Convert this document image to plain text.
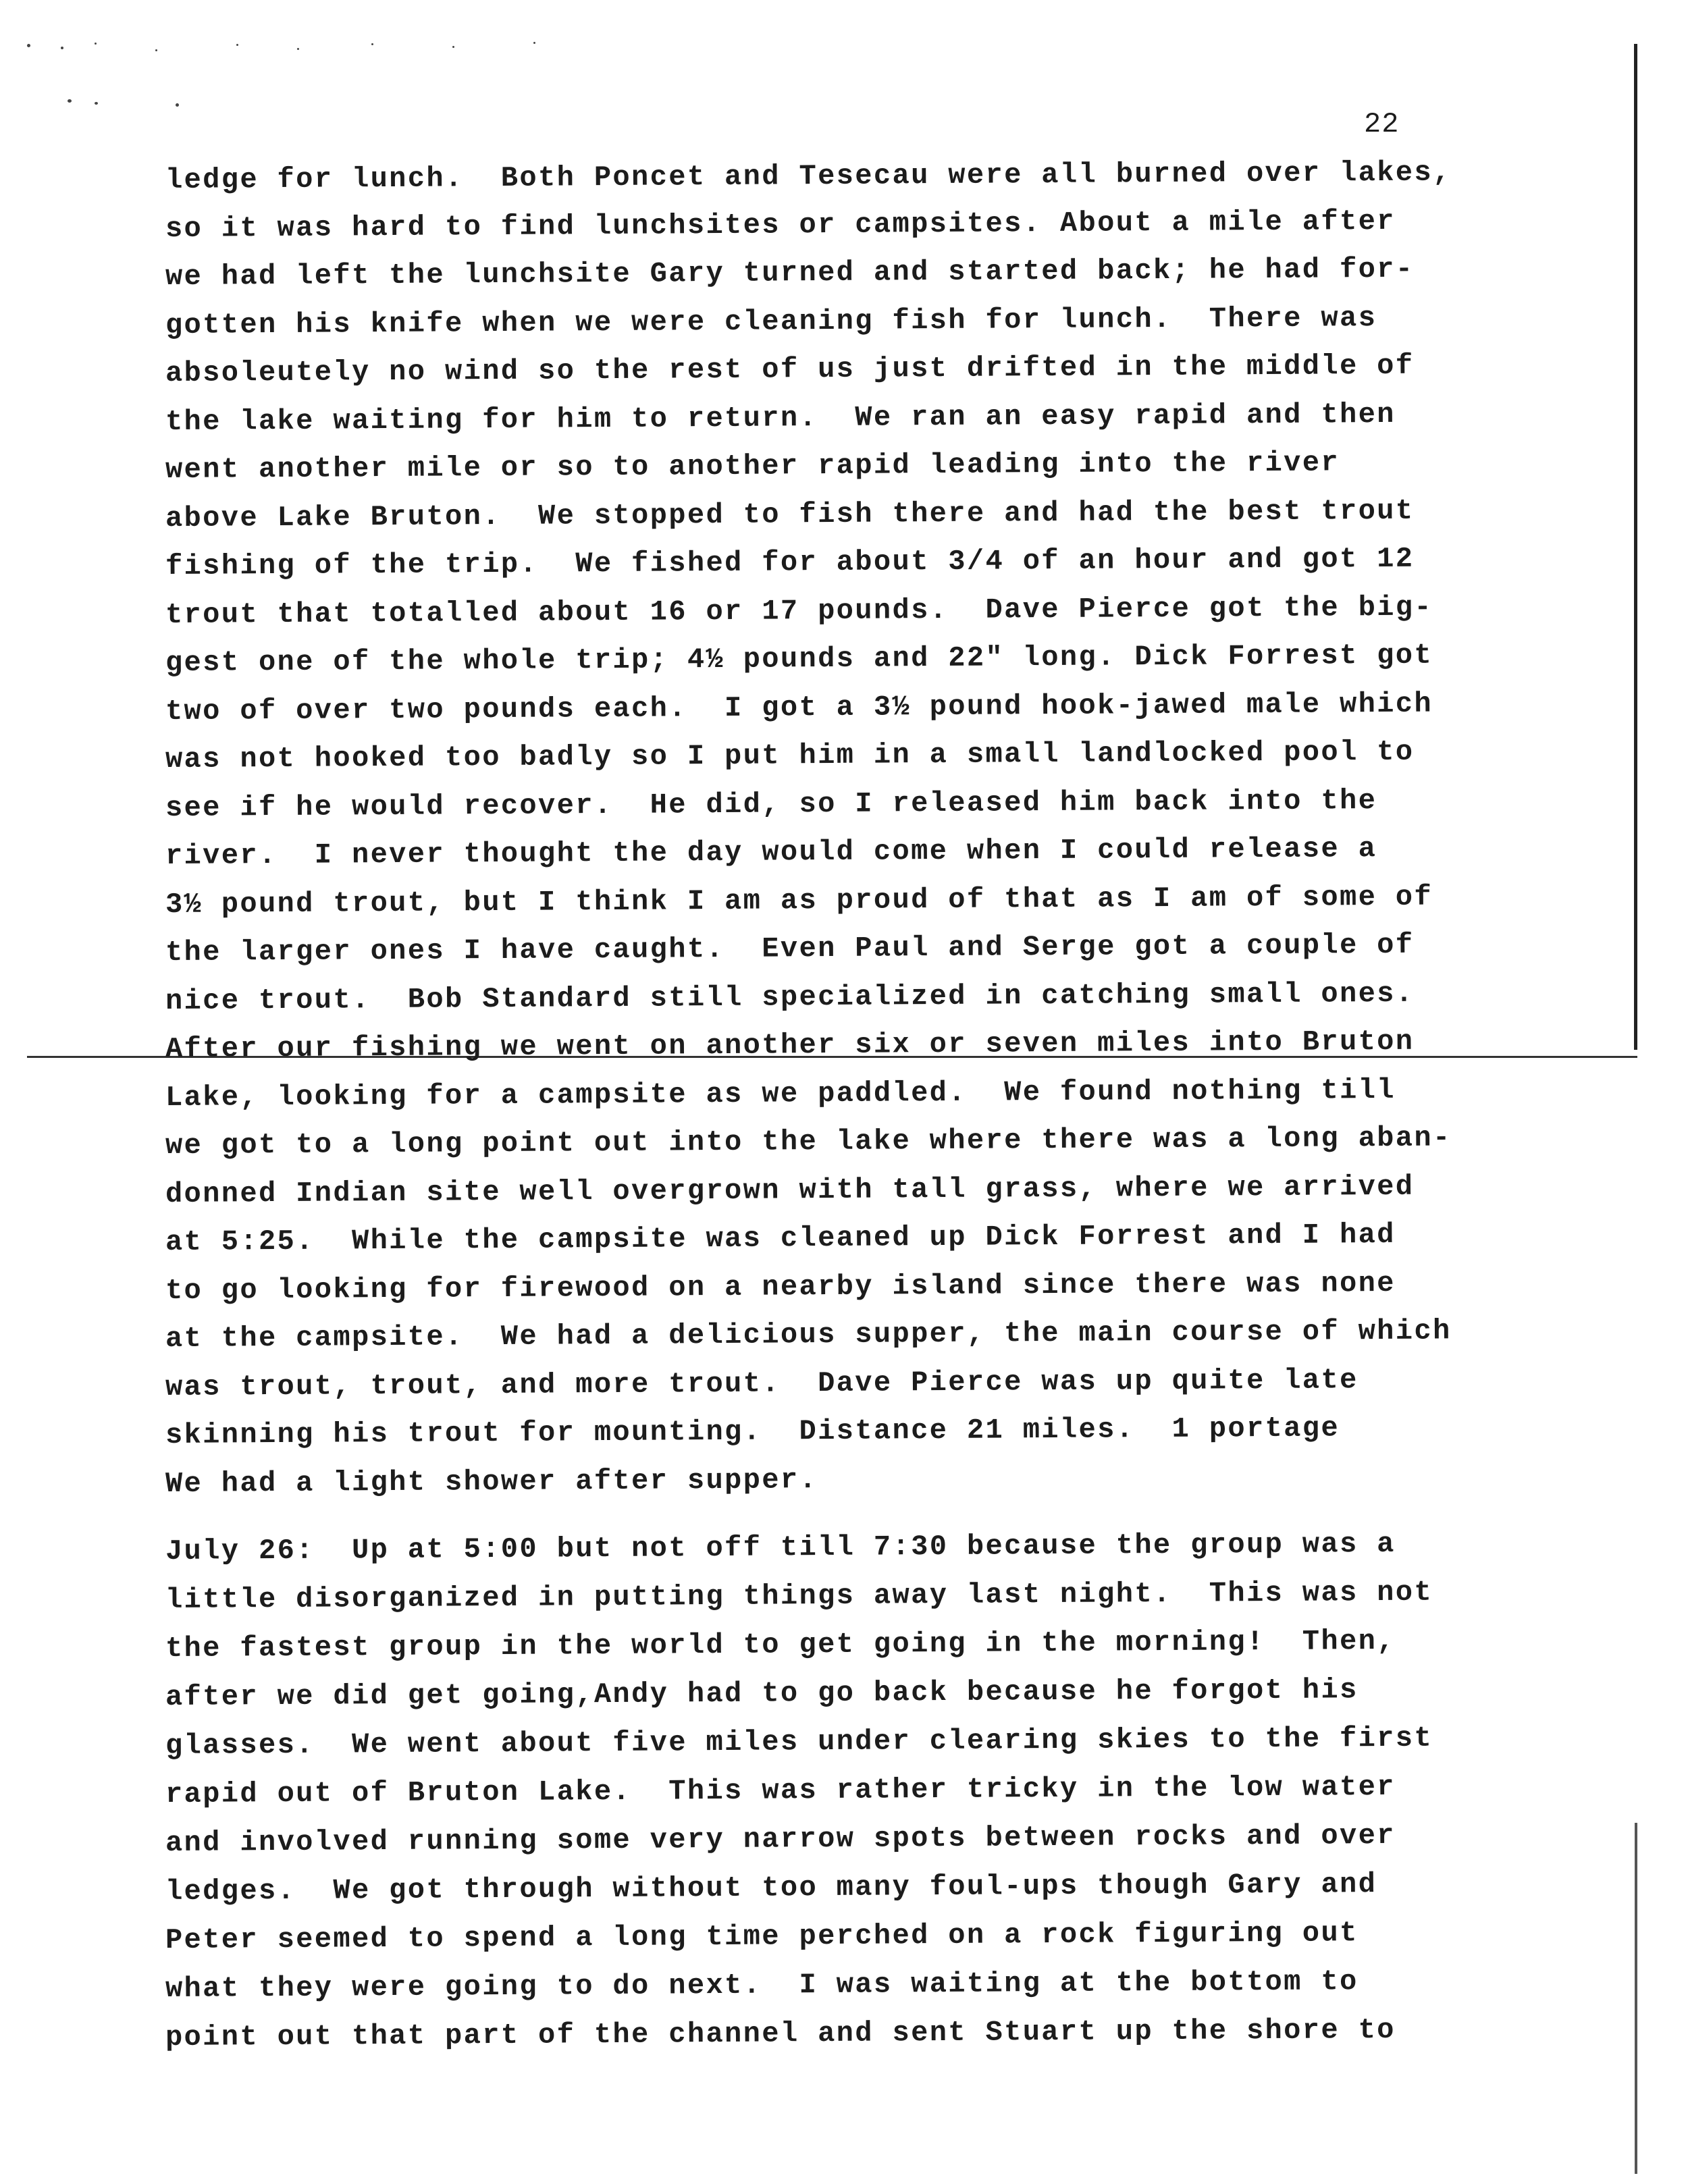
22
ledge for lunch.  Both Poncet and Tesecau were all burned over lakes,
so it was hard to find lunchsites or campsites. About a mile after
we had left the lunchsite Gary turned and started back; he had for-
gotten his knife when we were cleaning fish for lunch.  There was
absoleutely no wind so the rest of us just drifted in the middle of
the lake waiting for him to return.  We ran an easy rapid and then
went another mile or so to another rapid leading into the river
above Lake Bruton.  We stopped to fish there and had the best trout
fishing of the trip.  We fished for about 3/4 of an hour and got 12
trout that totalled about 16 or 17 pounds.  Dave Pierce got the big-
gest one of the whole trip; 4½ pounds and 22" long. Dick Forrest got
two of over two pounds each.  I got a 3½ pound hook-jawed male which
was not hooked too badly so I put him in a small landlocked pool to
see if he would recover.  He did, so I released him back into the
river.  I never thought the day would come when I could release a
3½ pound trout, but I think I am as proud of that as I am of some of
the larger ones I have caught.  Even Paul and Serge got a couple of
nice trout.  Bob Standard still specialized in catching small ones.
After our fishing we went on another six or seven miles into Bruton
Lake, looking for a campsite as we paddled.  We found nothing till
we got to a long point out into the lake where there was a long aban-
donned Indian site well overgrown with tall grass, where we arrived
at 5:25.  While the campsite was cleaned up Dick Forrest and I had
to go looking for firewood on a nearby island since there was none
at the campsite.  We had a delicious supper, the main course of which
was trout, trout, and more trout.  Dave Pierce was up quite late
skinning his trout for mounting.  Distance 21 miles.  1 portage
We had a light shower after supper.
July 26:  Up at 5:00 but not off till 7:30 because the group was a
little disorganized in putting things away last night.  This was not
the fastest group in the world to get going in the morning!  Then,
after we did get going,Andy had to go back because he forgot his
glasses.  We went about five miles under clearing skies to the first
rapid out of Bruton Lake.  This was rather tricky in the low water
and involved running some very narrow spots between rocks and over
ledges.  We got through without too many foul-ups though Gary and
Peter seemed to spend a long time perched on a rock figuring out
what they were going to do next.  I was waiting at the bottom to
point out that part of the channel and sent Stuart up the shore to
